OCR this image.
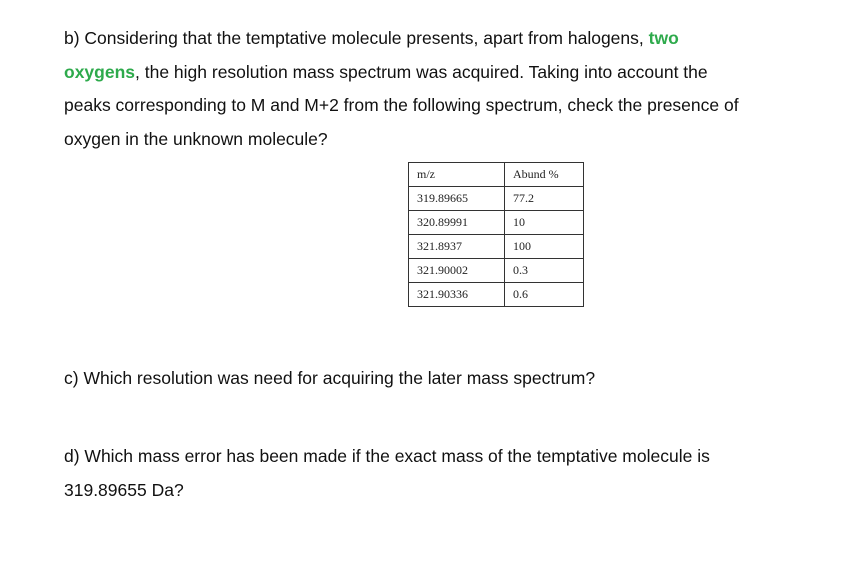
b) Considering that the temptative molecule presents, apart from halogens, two
oxygens, the high resolution mass spectrum was acquired. Taking into account the
peaks corresponding to M and M+2 from the following spectrum, check the presence of
oxygen in the unknown molecule?
m/z	Abund %
319.89665	77.2
320.89991	10
321.8937	100
321.90002	0.3
321.90336	0.6
c) Which resolution was need for acquiring the later mass spectrum?
d) Which mass error has been made if the exact mass of the temptative molecule is
319.89655 Da?
